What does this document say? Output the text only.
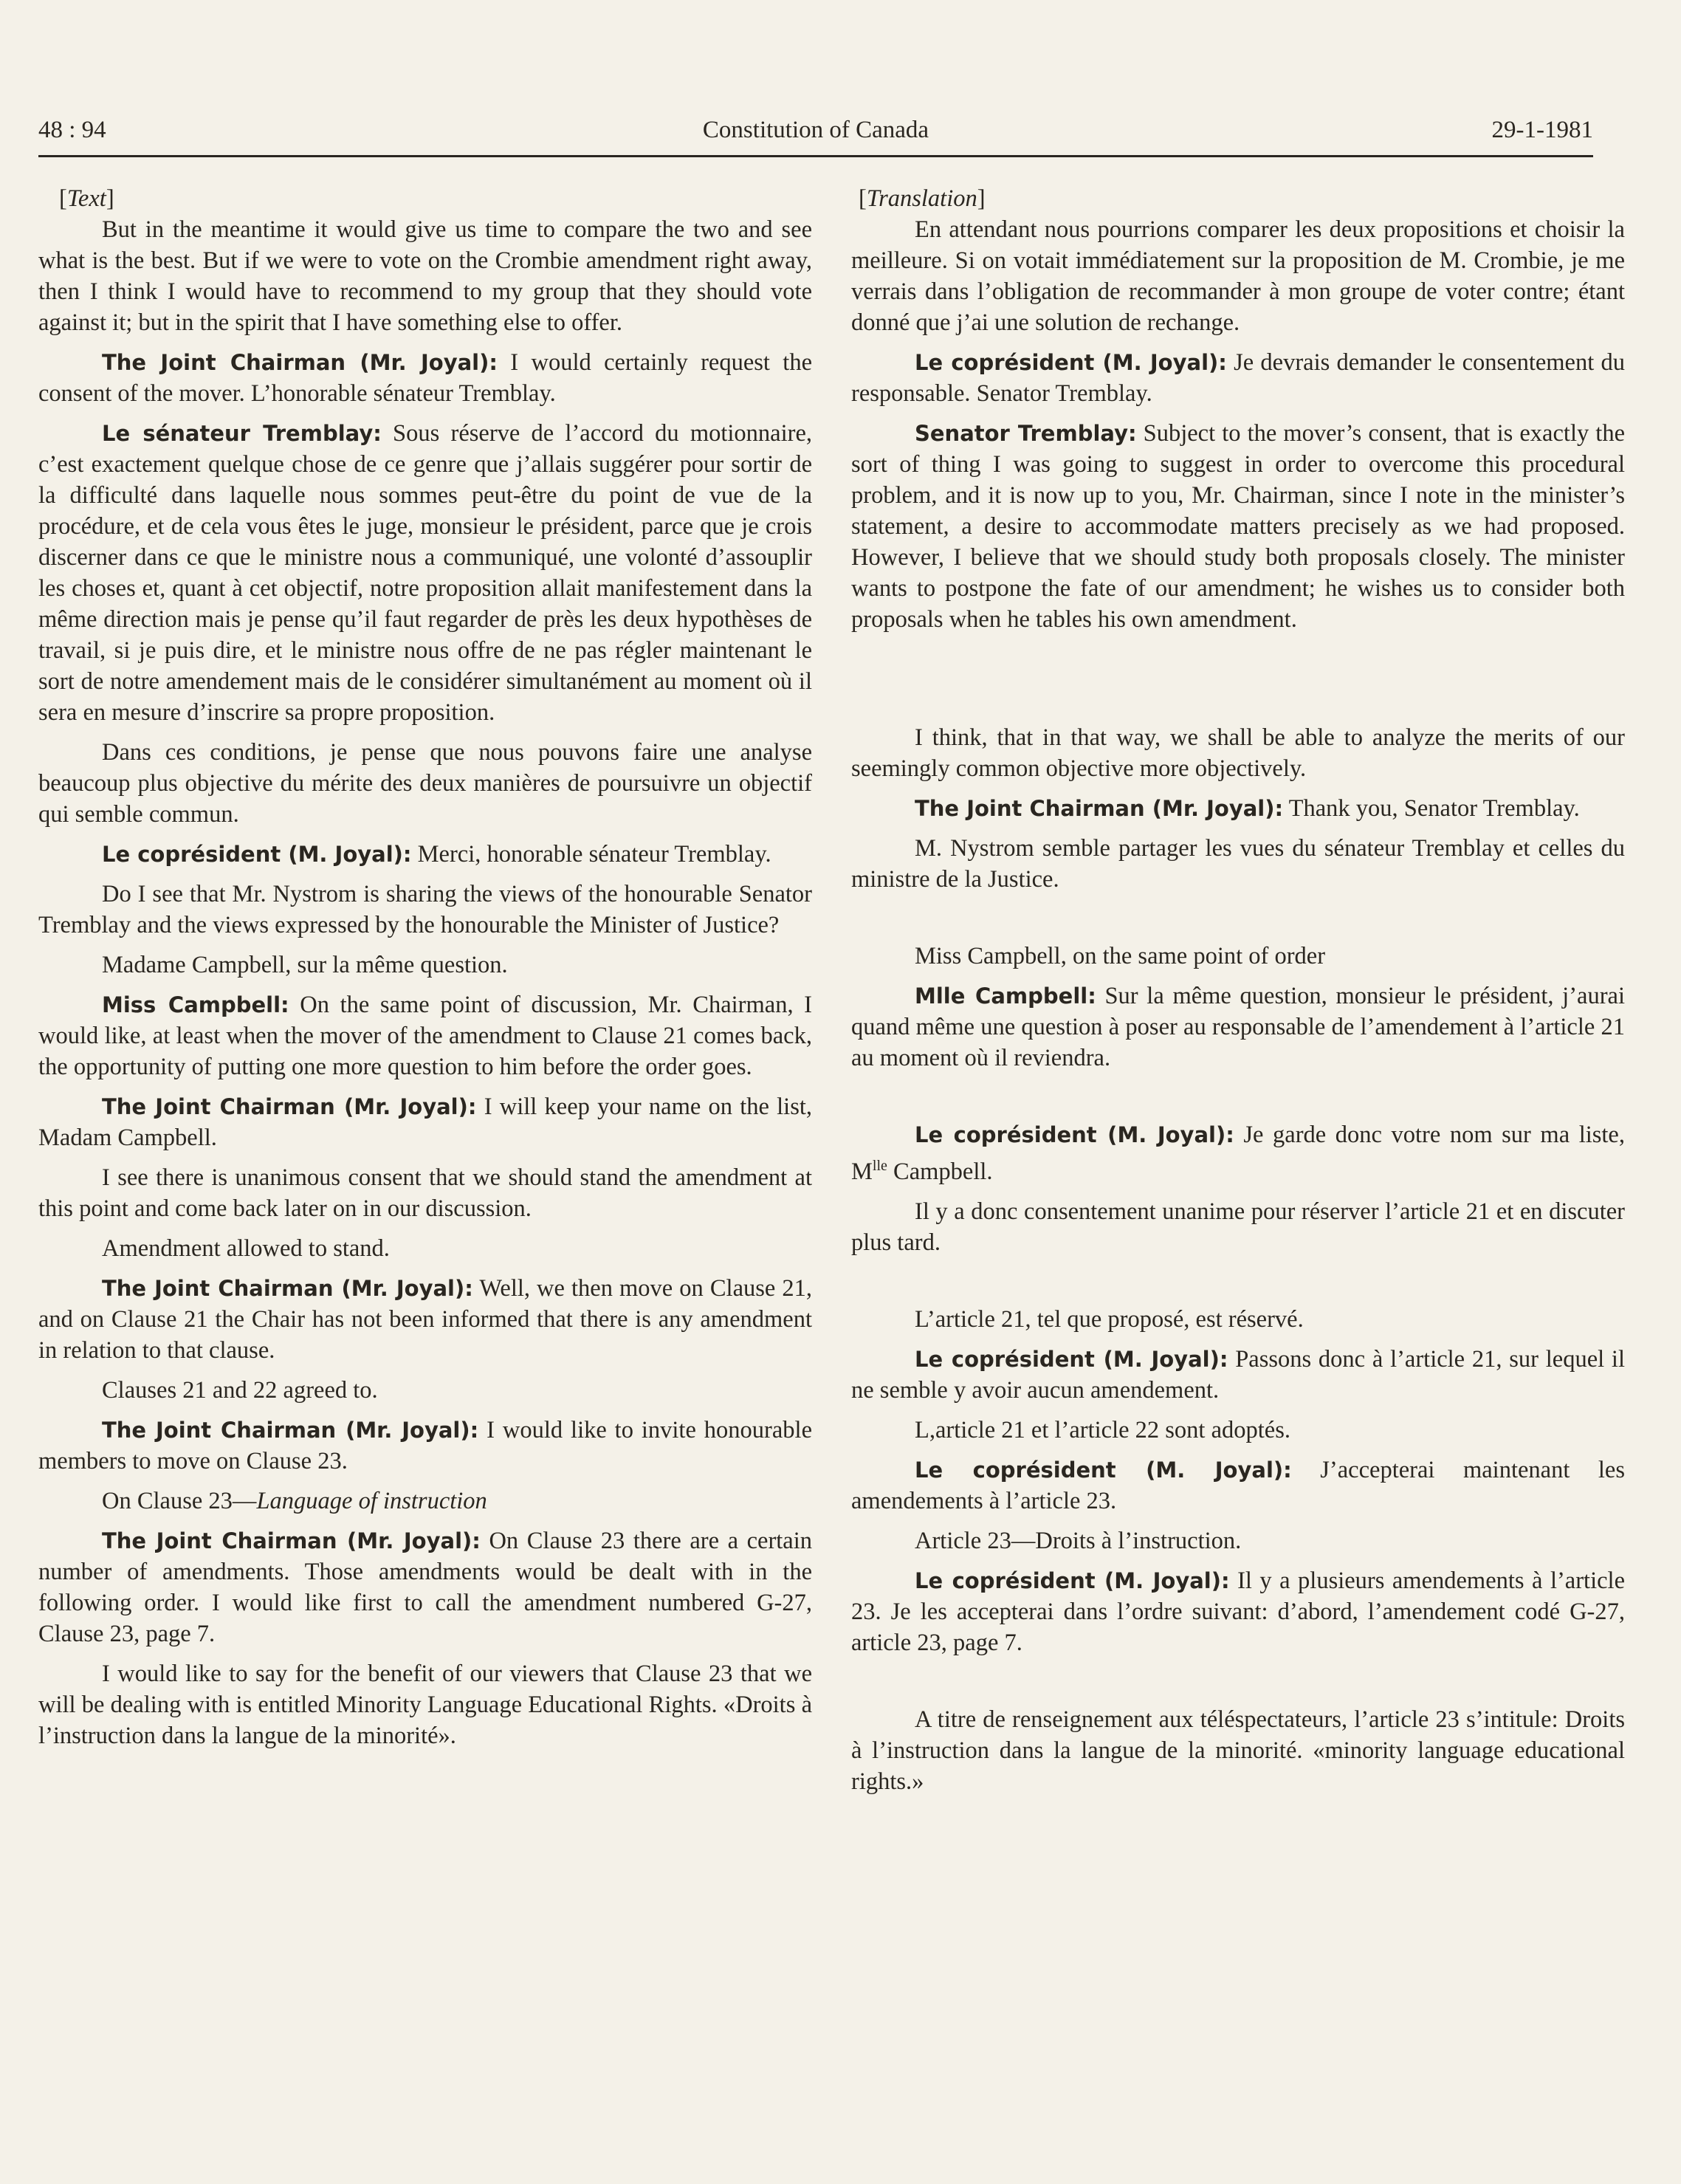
48 : 94	Constitution of Canada	29-1-1981

[Text]

But in the meantime it would give us time to compare the two and see what is the best. But if we were to vote on the Crombie amendment right away, then I think I would have to recommend to my group that they should vote against it; but in the spirit that I have something else to offer.

The Joint Chairman (Mr. Joyal): I would certainly request the consent of the mover. L’honorable sénateur Tremblay.

Le sénateur Tremblay: Sous réserve de l’accord du motionnaire, c’est exactement quelque chose de ce genre que j’allais suggérer pour sortir de la difficulté dans laquelle nous sommes peut-être du point de vue de la procédure, et de cela vous êtes le juge, monsieur le président, parce que je crois discerner dans ce que le ministre nous a communiqué, une volonté d’assouplir les choses et, quant à cet objectif, notre proposition allait manifestement dans la même direction mais je pense qu’il faut regarder de près les deux hypothèses de travail, si je puis dire, et le ministre nous offre de ne pas régler maintenant le sort de notre amendement mais de le considérer simultanément au moment où il sera en mesure d’inscrire sa propre proposition.

Dans ces conditions, je pense que nous pouvons faire une analyse beaucoup plus objective du mérite des deux manières de poursuivre un objectif qui semble commun.

Le coprésident (M. Joyal): Merci, honorable sénateur Tremblay.

Do I see that Mr. Nystrom is sharing the views of the honourable Senator Tremblay and the views expressed by the honourable the Minister of Justice?

Madame Campbell, sur la même question.

Miss Campbell: On the same point of discussion, Mr. Chairman, I would like, at least when the mover of the amendment to Clause 21 comes back, the opportunity of putting one more question to him before the order goes.

The Joint Chairman (Mr. Joyal): I will keep your name on the list, Madam Campbell.

I see there is unanimous consent that we should stand the amendment at this point and come back later on in our discussion.

Amendment allowed to stand.

The Joint Chairman (Mr. Joyal): Well, we then move on Clause 21, and on Clause 21 the Chair has not been informed that there is any amendment in relation to that clause.

Clauses 21 and 22 agreed to.

The Joint Chairman (Mr. Joyal): I would like to invite honourable members to move on Clause 23.

On Clause 23—Language of instruction

The Joint Chairman (Mr. Joyal): On Clause 23 there are a certain number of amendments. Those amendments would be dealt with in the following order. I would like first to call the amendment numbered G-27, Clause 23, page 7.

I would like to say for the benefit of our viewers that Clause 23 that we will be dealing with is entitled Minority Language Educational Rights. «Droits à l’instruction dans la langue de la minorité».

[Translation]

En attendant nous pourrions comparer les deux propositions et choisir la meilleure. Si on votait immédiatement sur la proposition de M. Crombie, je me verrais dans l’obligation de recommander à mon groupe de voter contre; étant donné que j’ai une solution de rechange.

Le coprésident (M. Joyal): Je devrais demander le consentement du responsable. Senator Tremblay.

Senator Tremblay: Subject to the mover’s consent, that is exactly the sort of thing I was going to suggest in order to overcome this procedural problem, and it is now up to you, Mr. Chairman, since I note in the minister’s statement, a desire to accommodate matters precisely as we had proposed. However, I believe that we should study both proposals closely. The minister wants to postpone the fate of our amendment; he wishes us to consider both proposals when he tables his own amendment.

I think, that in that way, we shall be able to analyze the merits of our seemingly common objective more objectively.

The Joint Chairman (Mr. Joyal): Thank you, Senator Tremblay.

M. Nystrom semble partager les vues du sénateur Tremblay et celles du ministre de la Justice.

Miss Campbell, on the same point of order

Mlle Campbell: Sur la même question, monsieur le président, j’aurai quand même une question à poser au responsable de l’amendement à l’article 21 au moment où il reviendra.

Le coprésident (M. Joyal): Je garde donc votre nom sur ma liste, $M^{lle}$ Campbell.

Il y a donc consentement unanime pour réserver l’article 21 et en discuter plus tard.

L’article 21, tel que proposé, est réservé.

Le coprésident (M. Joyal): Passons donc à l’article 21, sur lequel il ne semble y avoir aucun amendement.

L,article 21 et l’article 22 sont adoptés.

Le coprésident (M. Joyal): J’accepterai maintenant les amendements à l’article 23.

Article 23—Droits à l’instruction.

Le coprésident (M. Joyal): Il y a plusieurs amendements à l’article 23. Je les accepterai dans l’ordre suivant: d’abord, l’amendement codé G-27, article 23, page 7.

A titre de renseignement aux téléspectateurs, l’article 23 s’intitule: Droits à l’instruction dans la langue de la minorité. «minority language educational rights.»
